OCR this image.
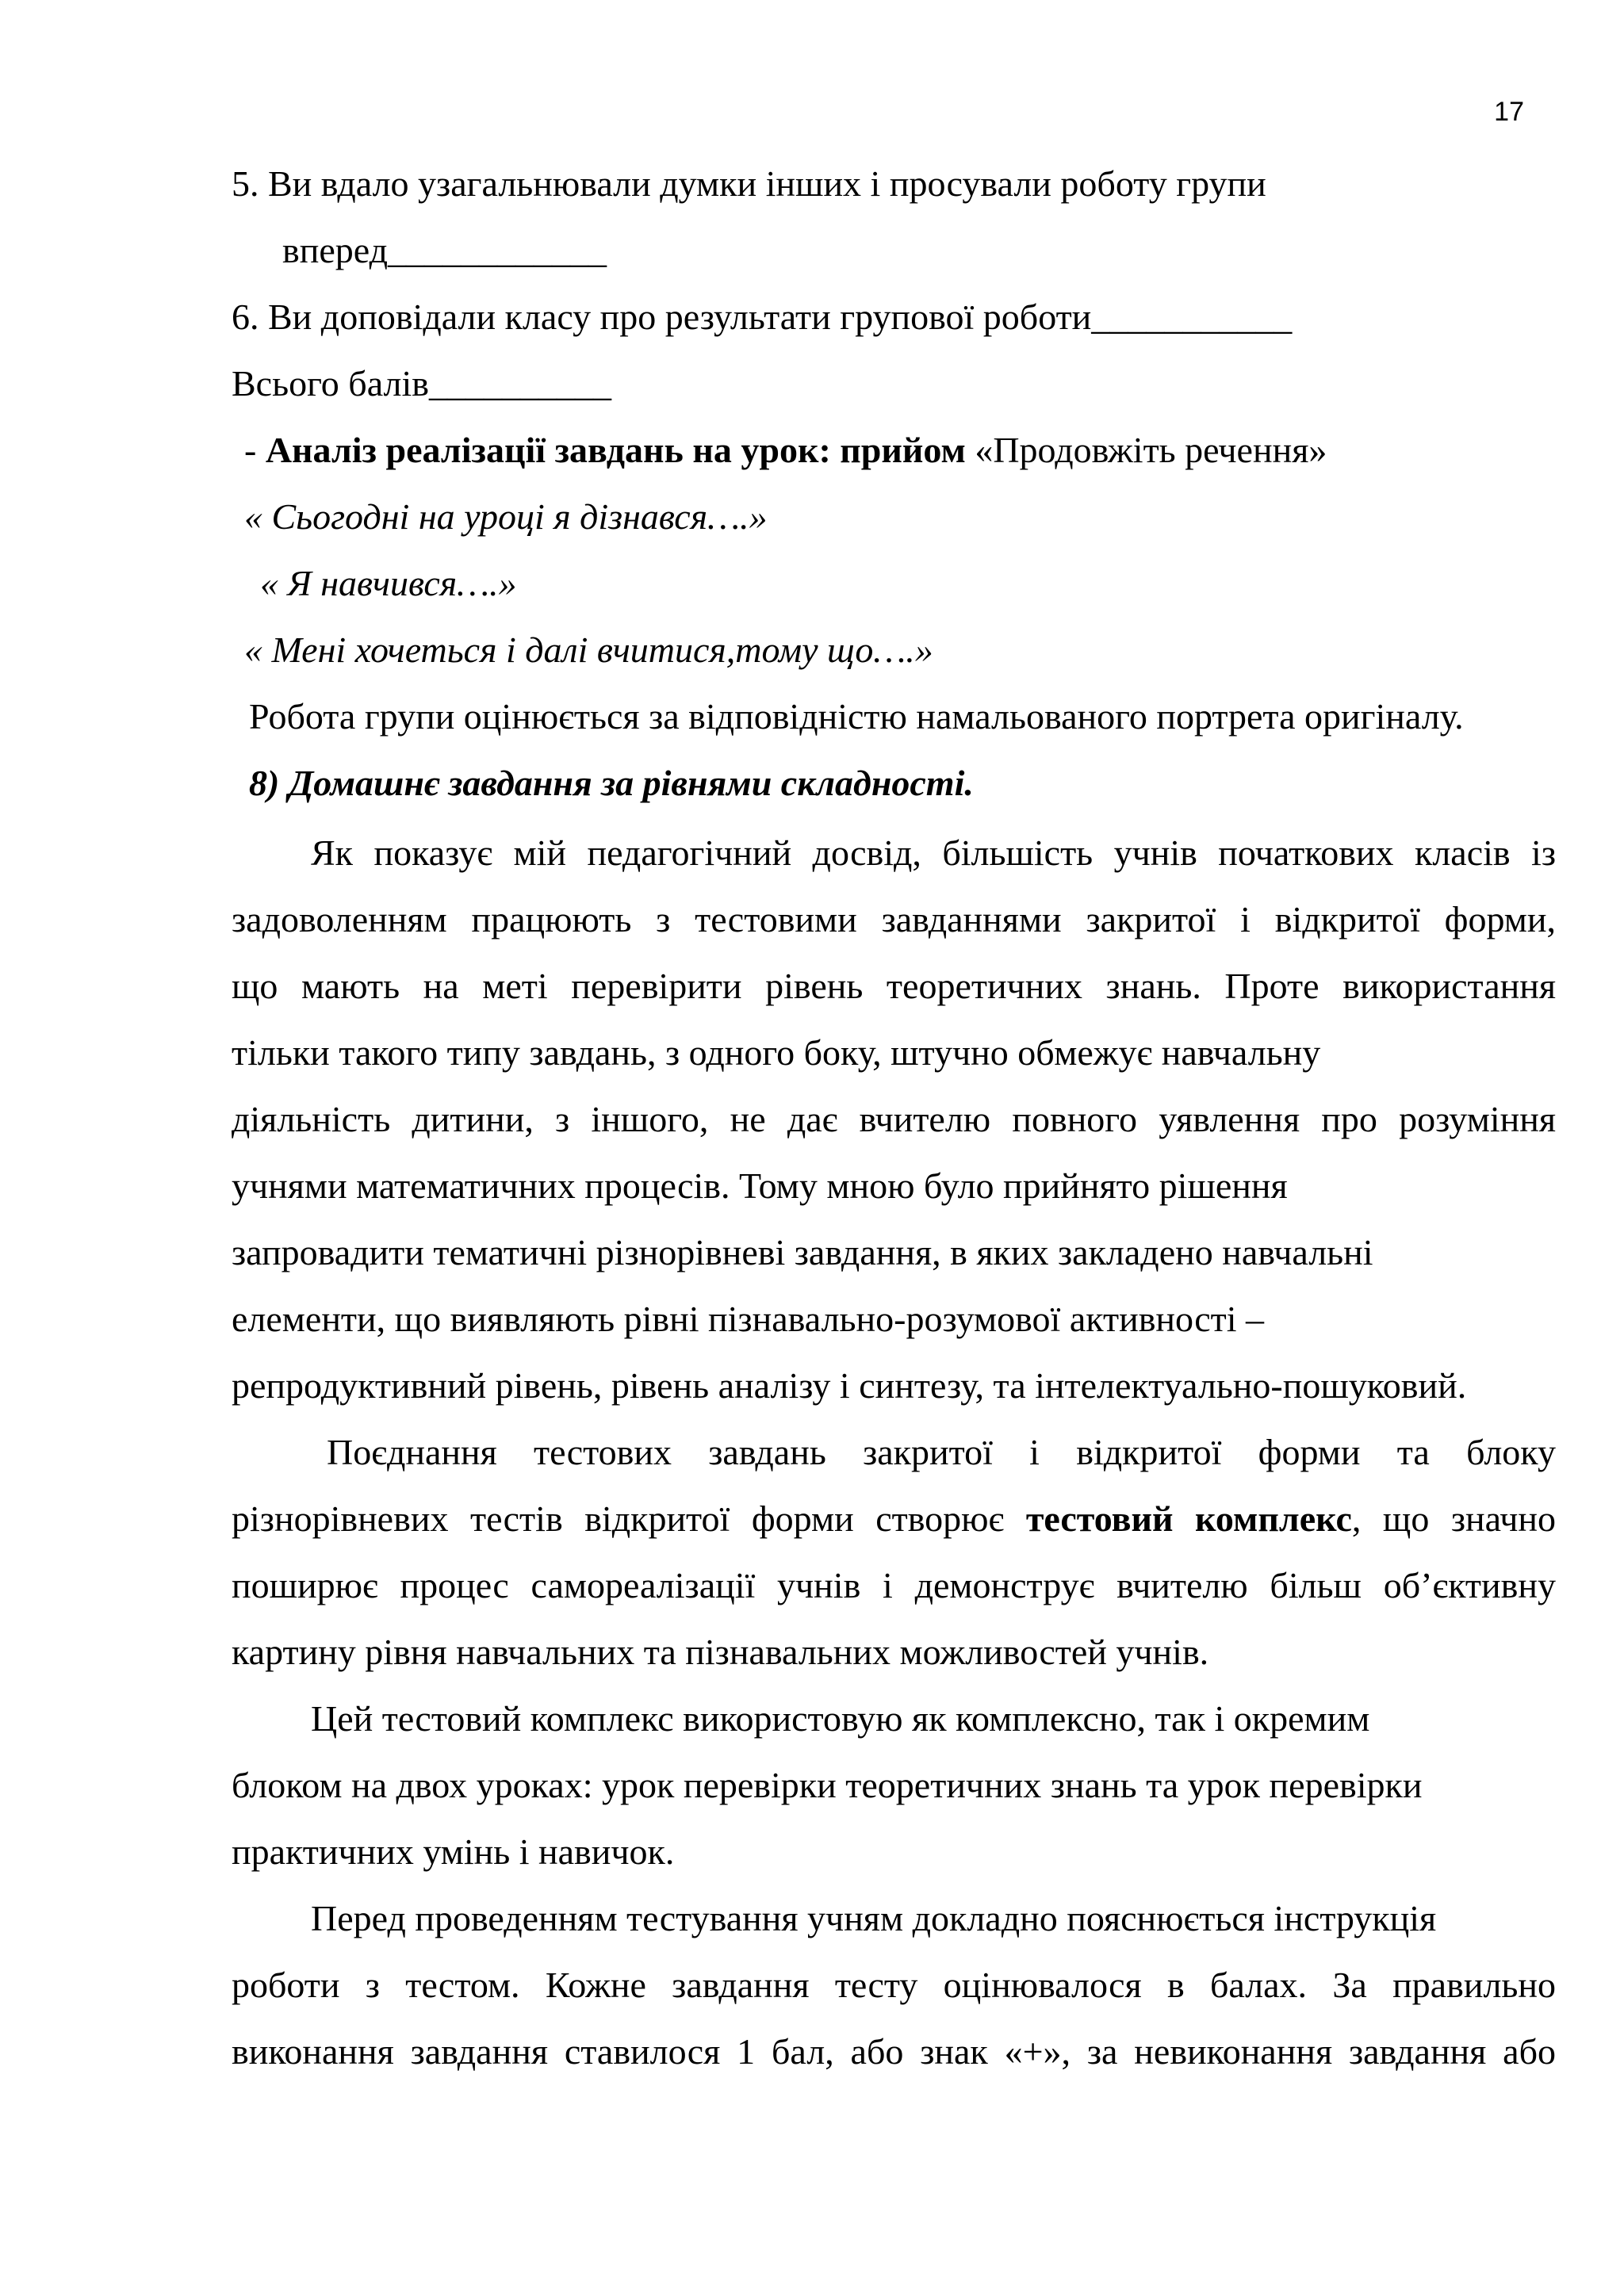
17
5. Ви вдало узагальнювали думки інших і просували роботу групи
вперед____________
6. Ви доповідали класу про результати групової роботи___________
Всього балів__________
- Аналіз реалізації завдань на урок: прийом «Продовжіть речення»
« Сьогодні на уроці я дізнався….»
« Я навчився….»
« Мені хочеться і далі вчитися,тому що….»
Робота групи оцінюється за відповідністю намальованого портрета оригіналу.
8) Домашнє завдання за рівнями складності.
Як показує мій педагогічний досвід, більшість учнів початкових класів із
задоволенням працюють з тестовими завданнями закритої і відкритої форми,
що мають на меті перевірити рівень теоретичних знань. Проте використання
тільки такого типу завдань, з одного боку, штучно обмежує навчальну
діяльність дитини, з іншого, не дає вчителю повного уявлення про розуміння
учнями математичних процесів. Тому мною було прийнято рішення
запровадити тематичні різнорівневі завдання, в яких закладено навчальні
елементи, що виявляють рівні пізнавально-розумової активності –
репродуктивний рівень, рівень аналізу і синтезу, та інтелектуально-пошуковий.
Поєднання тестових завдань закритої і відкритої форми та блоку
різнорівневих тестів відкритої форми створює тестовий комплекс, що значно
поширює процес самореалізації учнів і демонструє вчителю більш об’єктивну
картину рівня навчальних та пізнавальних можливостей учнів.
Цей тестовий комплекс використовую як комплексно, так і окремим
блоком на двох уроках: урок перевірки теоретичних знань та урок перевірки
практичних умінь і навичок.
Перед проведенням тестування учням докладно пояснюється інструкція
роботи з тестом. Кожне завдання тесту оцінювалося в балах. За правильно
виконання завдання ставилося 1 бал, або знак «+», за невиконання завдання або
